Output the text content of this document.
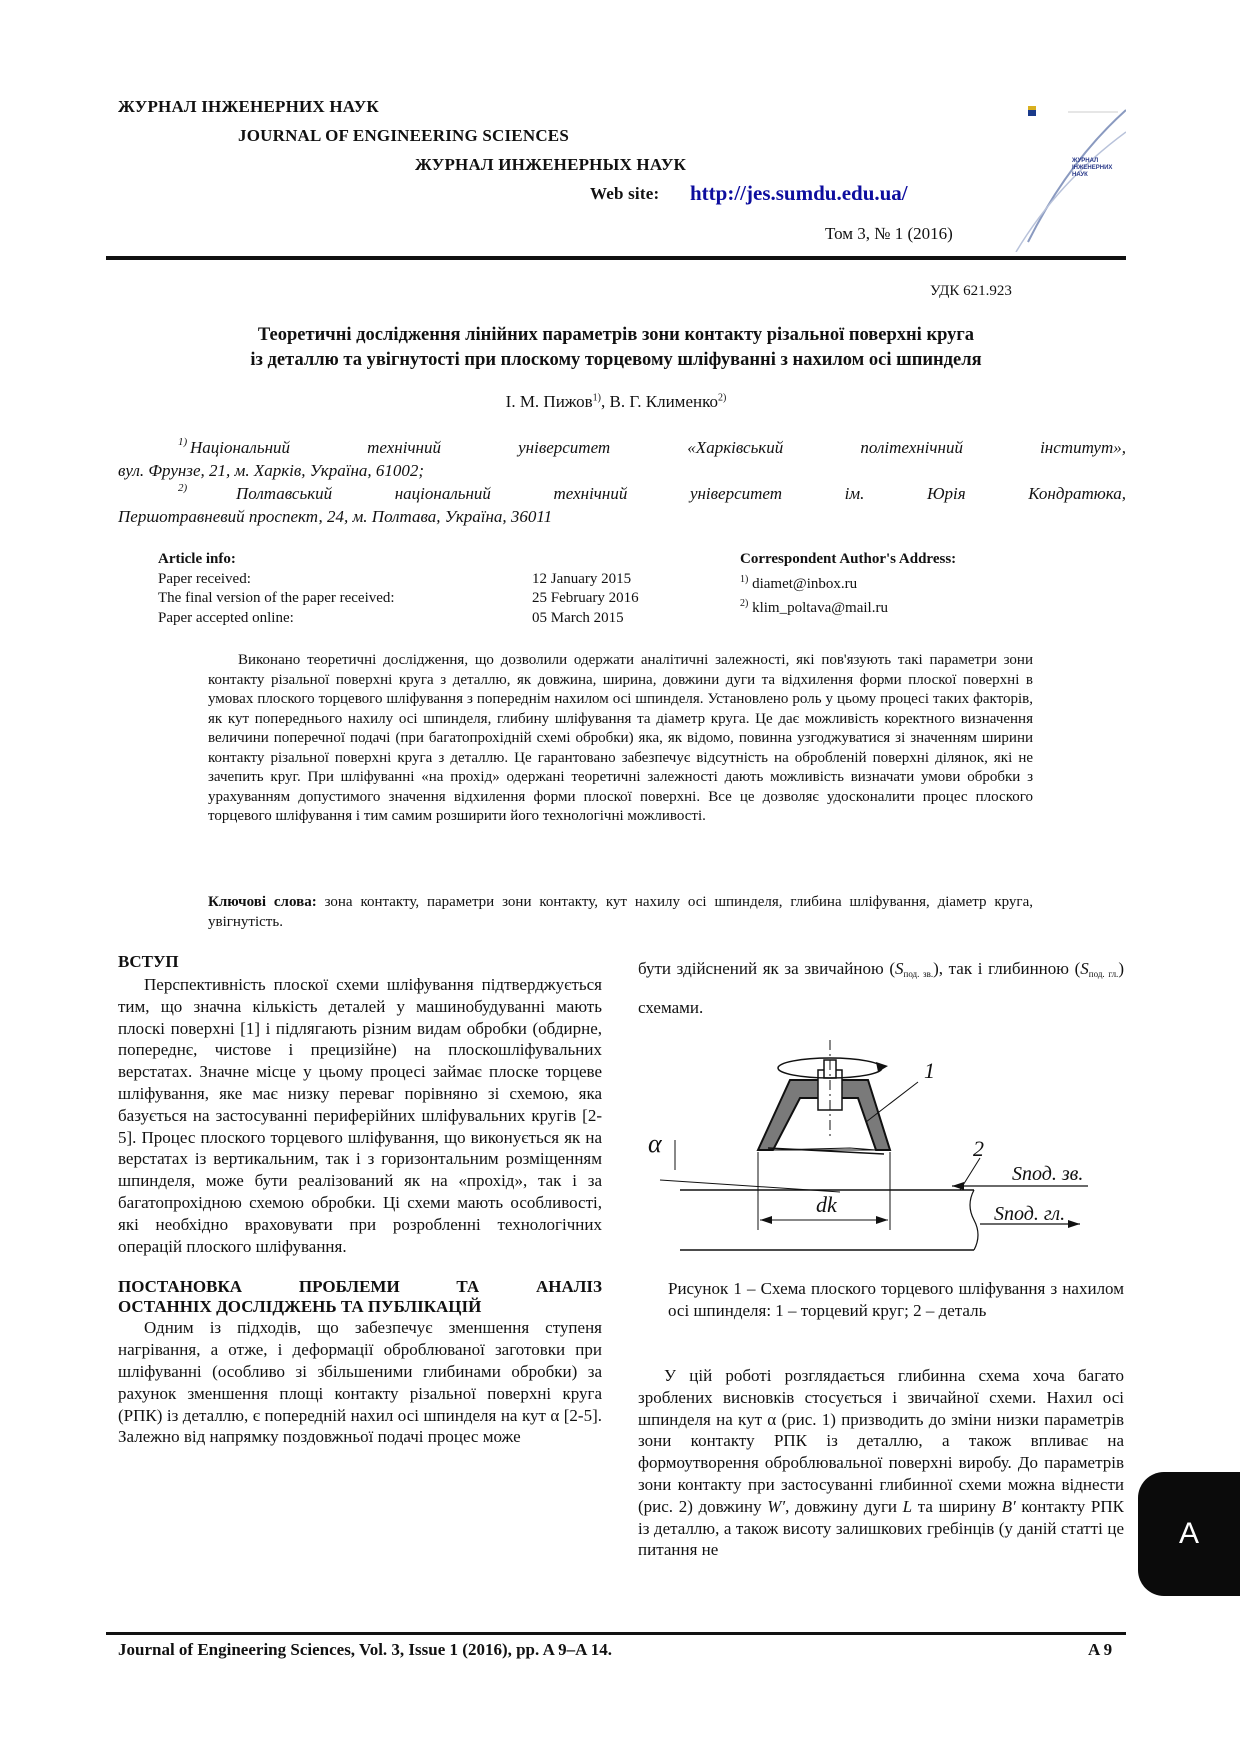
ЖУРНАЛ ІНЖЕНЕРНИХ НАУК
JOURNAL OF ENGINEERING SCIENCES
ЖУРНАЛ ИНЖЕНЕРНЫХ НАУК
Web site: http://jes.sumdu.edu.ua/
Том 3, № 1 (2016)
ЖУРНАЛ
ІНЖЕНЕРНИХ
НАУК
УДК 621.923
Теоретичні дослідження лінійних параметрів зони контакту різальної поверхні круга
із деталлю та увігнутості при плоскому торцевому шліфуванні з нахилом осі шпинделя
І. М. Пижов$^{1)}$, В. Г. Клименко$^{2)}$
Національний технічний університет «Харківський політехнічний інститут»,
1)
вул. Фрунзе, 21, м. Харків, Україна, 61002;
Полтавський національний технічний університет ім. Юрія Кондратюка,
2)
Першотравневий проспект, 24, м. Полтава, Україна, 36011
Article info:
Paper received:	12 January 2015
The final version of the paper received:	25 February 2016
Paper accepted online:	05 March 2015
Correspondent Author's Address:
$^{1)}$ diamet@inbox.ru
$^{2)}$ klim_poltava@mail.ru
Виконано теоретичні дослідження, що дозволили одержати аналітичні залежності, які пов'язують такі параметри зони контакту різальної поверхні круга з деталлю, як довжина, ширина, довжини дуги та відхилення форми плоскої поверхні в умовах плоского торцевого шліфування з попереднім нахилом осі шпинделя. Установлено роль у цьому процесі таких факторів, як кут попереднього нахилу осі шпинделя, глибину шліфування та діаметр круга. Це дає можливість коректного визначення величини поперечної подачі (при багатопрохідній схемі обробки) яка, як відомо, повинна узгоджуватися зі значенням ширини контакту різальної поверхні круга з деталлю. Це гарантовано забезпечує відсутність на обробленій поверхні ділянок, які не зачепить круг. При шліфуванні «на прохід» одержані теоретичні залежності дають можливість визначати умови обробки з урахуванням допустимого значення відхилення форми плоскої поверхні. Все це дозволяє удосконалити процес плоского торцевого шліфування і тим самим розширити його технологічні можливості.
Ключові слова: зона контакту, параметри зони контакту, кут нахилу осі шпинделя, глибина шліфування, діаметр круга, увігнутість.
ВСТУП

Перспективність плоскої схеми шліфування підтверджується тим, що значна кількість деталей у машинобудуванні мають плоскі поверхні [1] і підлягають різним видам обробки (обдирне, попереднє, чистове і прецизійне) на плоскошліфувальних верстатах. Значне місце у цьому процесі займає плоске торцеве шліфування, яке має низку переваг порівняно зі схемою, яка базується на застосуванні периферійних шліфувальних кругів [2-5]. Процес плоского торцевого шліфування, що виконується як на верстатах із вертикальним, так і з горизонтальним розміщенням шпинделя, може бути реалізований як на «прохід», так і за багатопрохідною схемою обробки. Ці схеми мають особливості, які необхідно враховувати при розробленні технологічних операцій плоского шліфування.

ПОСТАНОВКА ПРОБЛЕМИ ТА АНАЛІЗ
ОСТАННІХ ДОСЛІДЖЕНЬ ТА ПУБЛІКАЦІЙ

Одним із підходів, що забезпечує зменшення ступеня нагрівання, а отже, і деформації оброблюваної заготовки при шліфуванні (особливо зі збільшеними глибинами обробки) за рахунок зменшення площі контакту різальної поверхні круга (РПК) із деталлю, є попередній нахил осі шпинделя на кут α [2-5]. Залежно від напрямку поздовжньої подачі процес може

бути здійснений як за звичайною $(S_{под. зв.})$, так і глибинною $(S_{под. гл.})$ схемами.

α
dk
1
2
Sпод. зв.
Sпод. гл.
Рисунок 1 – Схема плоского торцевого шліфування з нахилом осі шпинделя: 1 – торцевий круг; 2 – деталь

У цій роботі розглядається глибинна схема хоча багато зроблених висновків стосується і звичайної схеми. Нахил осі шпинделя на кут α (рис. 1) призводить до зміни низки параметрів зони контакту РПК із деталлю, а також впливає на формоутворення оброблювальної поверхні виробу. До параметрів зони контакту при застосуванні глибинної схеми можна віднести (рис. 2) довжину W′, довжину дуги L та ширину B′ контакту РПК із деталлю, а також висоту залишкових гребінців (у даній статті це питання не	A
Journal of Engineering Sciences, Vol. 3, Issue 1 (2016), pp. A 9–A 14.	A 9
